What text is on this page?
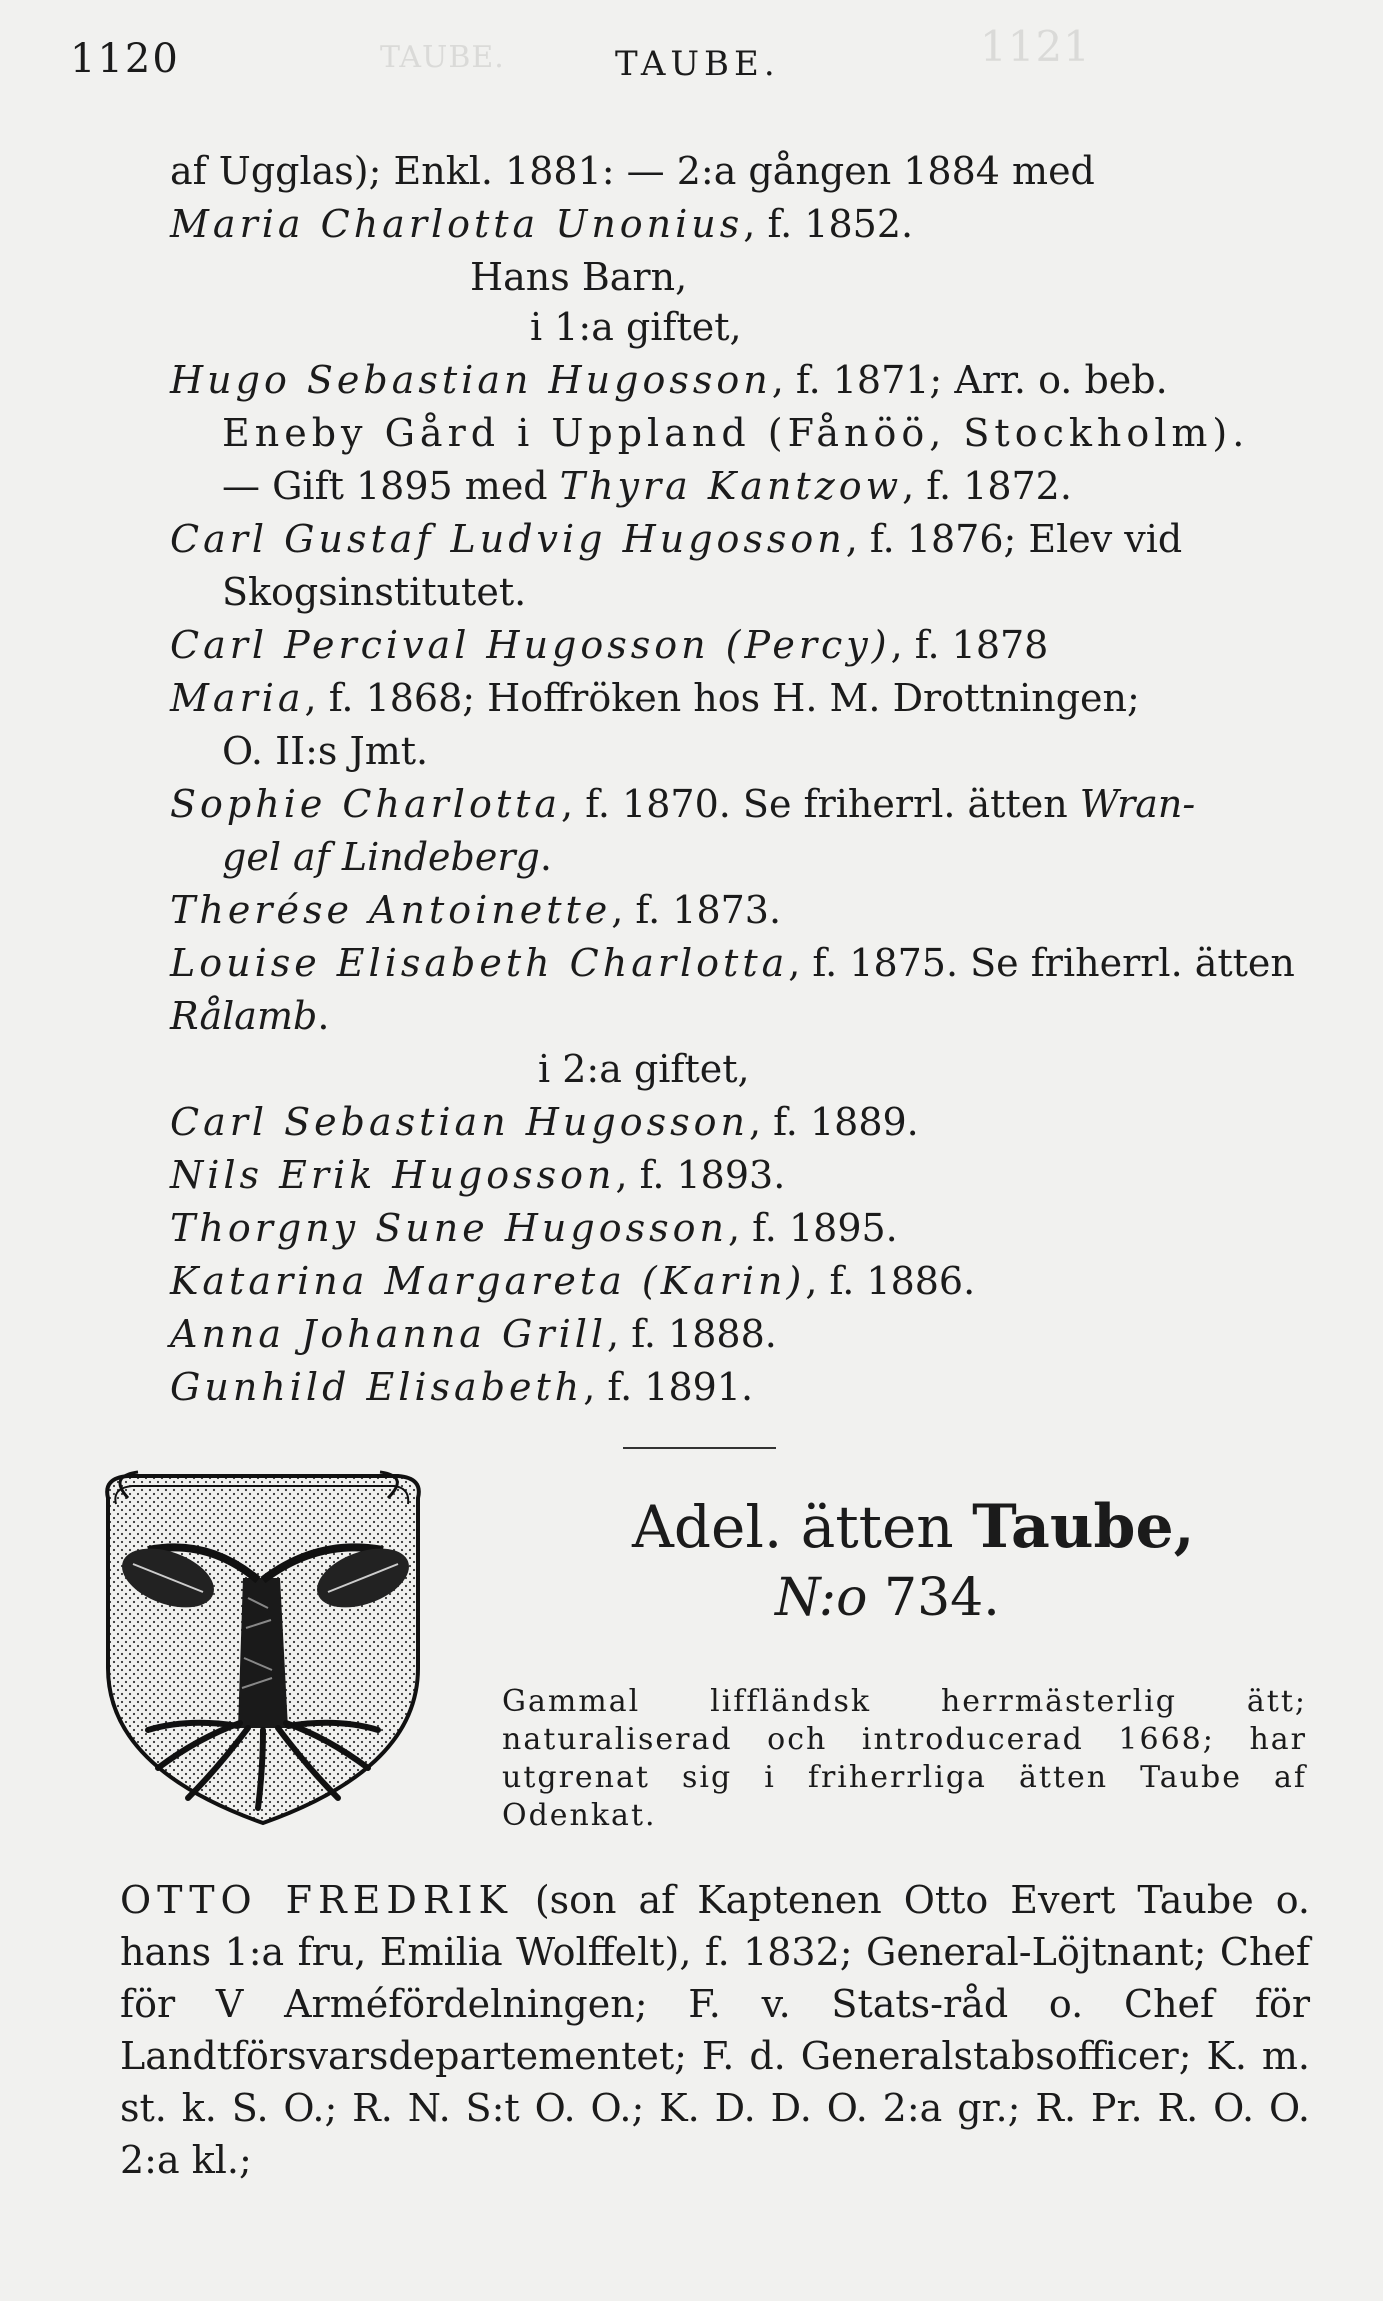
1121
TAUBE.
1120	TAUBE.
af Ugglas); Enkl. 1881: — 2:a gången 1884 med
Maria Charlotta Unonius, f. 1852.
Hans Barn,
i 1:a giftet,
Hugo Sebastian Hugosson, f. 1871; Arr. o. beb.
Eneby Gård i Uppland (Fånöö, Stockholm).
— Gift 1895 med Thyra Kantzow, f. 1872.
Carl Gustaf Ludvig Hugosson, f. 1876; Elev vid
Skogsinstitutet.
Carl Percival Hugosson (Percy), f. 1878
Maria, f. 1868; Hoffröken hos H. M. Drottningen;
O. II:s Jmt.
Sophie Charlotta, f. 1870. Se friherrl. ätten Wran-
gel af Lindeberg.
Therése Antoinette, f. 1873.
Louise Elisabeth Charlotta, f. 1875. Se friherrl. ätten
Rålamb.
i 2:a giftet,
Carl Sebastian Hugosson, f. 1889.
Nils Erik Hugosson, f. 1893.
Thorgny Sune Hugosson, f. 1895.
Katarina Margareta (Karin), f. 1886.
Anna Johanna Grill, f. 1888.
Gunhild Elisabeth, f. 1891.
Adel. ätten Taube,
N:o 734.
Gammal liffländsk herrmästerlig ätt; naturaliserad och introducerad 1668; har utgrenat sig i friherrliga ätten Taube af Odenkat.
OTTO FREDRIK (son af Kaptenen Otto Evert Taube o. hans 1:a fru, Emilia Wolffelt), f. 1832; General-Löjtnant; Chef för V Arméfördelningen; F. v. Stats-råd o. Chef för Landtförsvarsdepartementet; F. d. Generalstabsofficer; K. m. st. k. S. O.; R. N. S:t O. O.; K. D. D. O. 2:a gr.; R. Pr. R. O. O. 2:a kl.;
